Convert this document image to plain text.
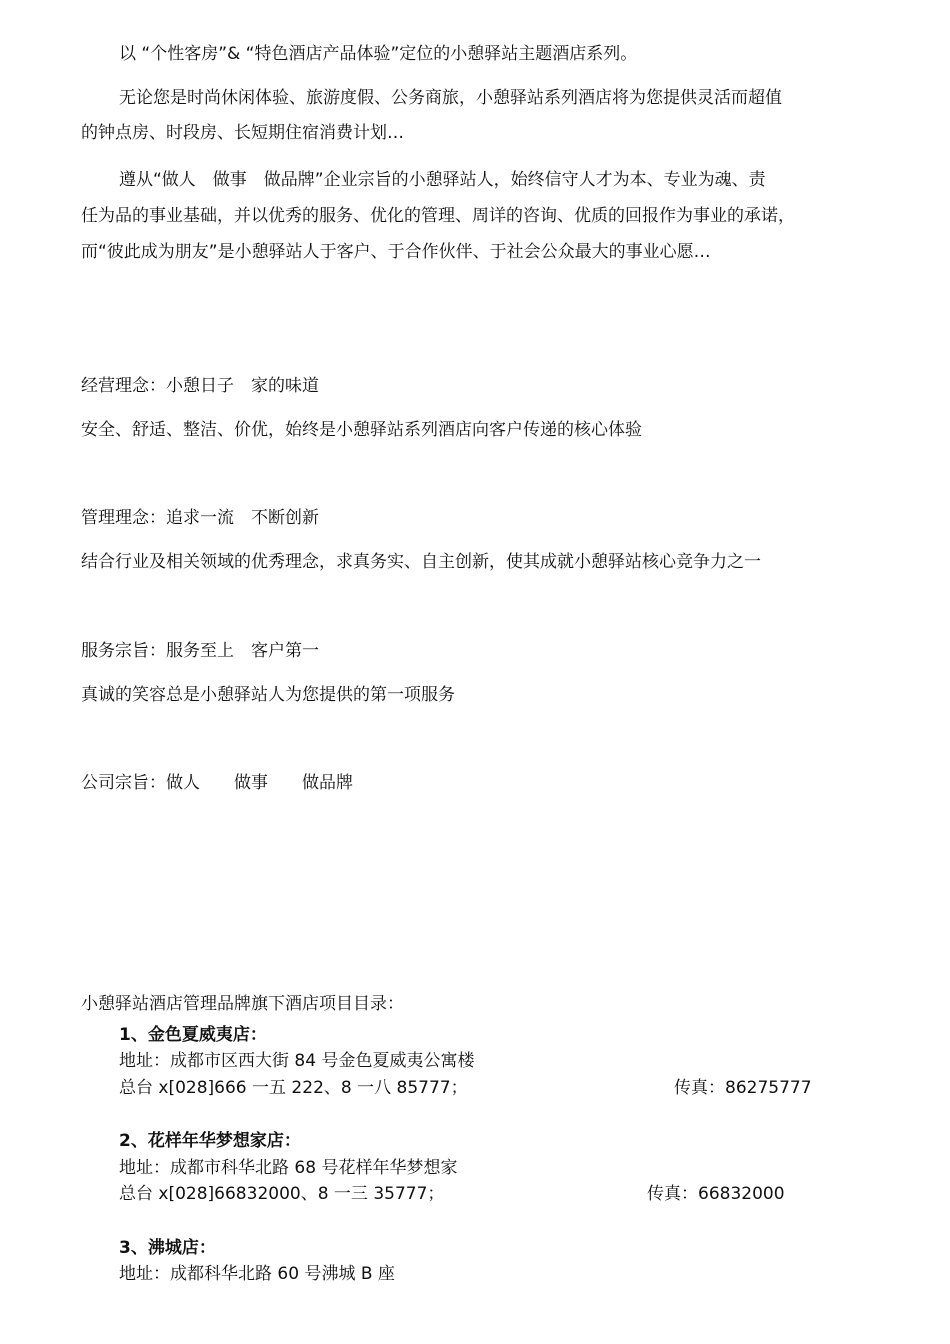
以 “个性客房”& “特色酒店产品体验”定位的小憩驿站主题酒店系列。
无论您是时尚休闲体验、旅游度假、公务商旅，小憩驿站系列酒店将为您提供灵活而超值
的钟点房、时段房、长短期住宿消费计划…
遵从“做人　做事　做品牌”企业宗旨的小憩驿站人，始终信守人才为本、专业为魂、责
任为品的事业基础，并以优秀的服务、优化的管理、周详的咨询、优质的回报作为事业的承诺，
而“彼此成为朋友”是小憩驿站人于客户、于合作伙伴、于社会公众最大的事业心愿…
经营理念：小憩日子　家的味道
安全、舒适、整洁、价优，始终是小憩驿站系列酒店向客户传递的核心体验
管理理念：追求一流　不断创新
结合行业及相关领域的优秀理念，求真务实、自主创新，使其成就小憩驿站核心竞争力之一
服务宗旨：服务至上　客户第一
真诚的笑容总是小憩驿站人为您提供的第一项服务
公司宗旨：做人　　做事　　做品牌
小憩驿站酒店管理品牌旗下酒店项目目录：
1、金色夏威夷店：
地址：成都市区西大街 84 号金色夏威夷公寓楼
总台 x[028]666 一五 222、8 一八 85777；	传真：86275777
2、花样年华梦想家店：
地址：成都市科华北路 68 号花样年华梦想家
总台 x[028]66832000、8 一三 35777；	传真：66832000
3、沸城店：
地址：成都科华北路 60 号沸城 B 座
